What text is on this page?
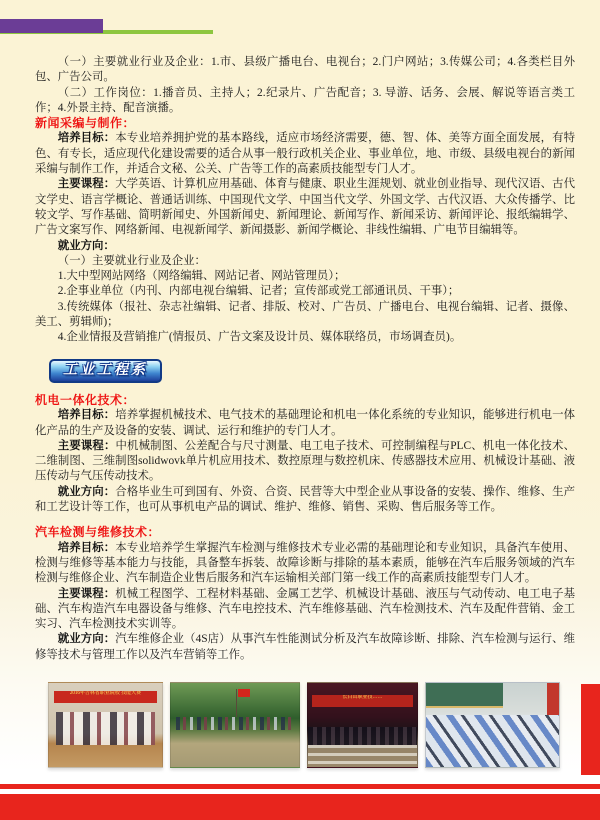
（一）主要就业行业及企业：1.市、县级广播电台、电视台；2.门户网站；3.传媒公司；4.各类栏目外包、广告公司。

（二）工作岗位：1.播音员、主持人；2.纪录片、广告配音；3. 导游、话务、会展、解说等语言类工作；4.外景主持、配音演播。

新闻采编与制作：

培养目标：本专业培养拥护党的基本路线，适应市场经济需要，德、智、体、美等方面全面发展，有特色、有专长，适应现代化建设需要的适合从事一般行政机关企业、事业单位，地、市级、县级电视台的新闻采编与制作工作，并适合文秘、公关、广告等工作的高素质技能型专门人才。

主要课程：大学英语、计算机应用基础、体育与健康、职业生涯规划、就业创业指导、现代汉语、古代文学史、语言学概论、普通话训练、中国现代文学、中国当代文学、外国文学、古代汉语、大众传播学、比较文学、写作基础、简明新闻史、外国新闻史、新闻理论、新闻写作、新闻采访、新闻评论、报纸编辑学、广告文案写作、网络新闻、电视新闻学、新闻摄影、新闻学概论、非线性编辑、广电节目编辑等。

就业方向：

（一）主要就业行业及企业：

1.大中型网站网络（网络编辑、网站记者、网站管理员）；

2.企事业单位（内刊、内部电视台编辑、记者；宣传部或党工部通讯员、干事）；

3.传统媒体（报社、杂志社编辑、记者、排版、校对、广告员、广播电台、电视台编辑、记者、摄像、美工、剪辑师)；

4.企业情报及营销推广(情报员、广告文案及设计员、媒体联络员，市场调查员)。

工业工程系

机电一体化技术：

培养目标：培养掌握机械技术、电气技术的基础理论和机电一体化系统的专业知识，能够进行机电一体化产品的生产及设备的安装、调试、运行和维护的专门人才。

主要课程：中机械制图、公差配合与尺寸测量、电工电子技术、可控制编程与PLC、机电一体化技术、二维制图、三维制图solidwovk单片机应用技术、数控原理与数控机床、传感器技术应用、机械设计基础、液压传动与气压传动技术。

就业方向：合格毕业生可到国有、外资、合资、民营等大中型企业从事设备的安装、操作、维修、生产和工艺设计等工作，也可从事机电产品的调试、维护、维修、销售、采购、售后服务等工作。

汽车检测与维修技术：

培养目标：本专业培养学生掌握汽车检测与维修技术专业必需的基础理论和专业知识，具备汽车使用、检测与维修等基本能力与技能，具备整车拆装、故障诊断与排除的基本素质，能够在汽车后服务领域的汽车检测与维修企业、汽车制造企业售后服务和汽车运输相关部门第一线工作的高素质技能型专门人才。

主要课程：机械工程图学、工程材料基础、金属工艺学、机械设计基础、液压与气动传动、电工电子基础、汽车构造汽车电器设备与维修、汽车电控技术、汽车维修基础、汽车检测技术、汽车及配件营销、金工实习、汽车检测技术实训等。

就业方向：汽车维修企业（4S店）从事汽车性能测试分析及汽车故障诊断、排除、汽车检测与运行、维修等技术与管理工作以及汽车营销等工作。

2016年吉林省职业院校 技能大赛
长白山职业技……
